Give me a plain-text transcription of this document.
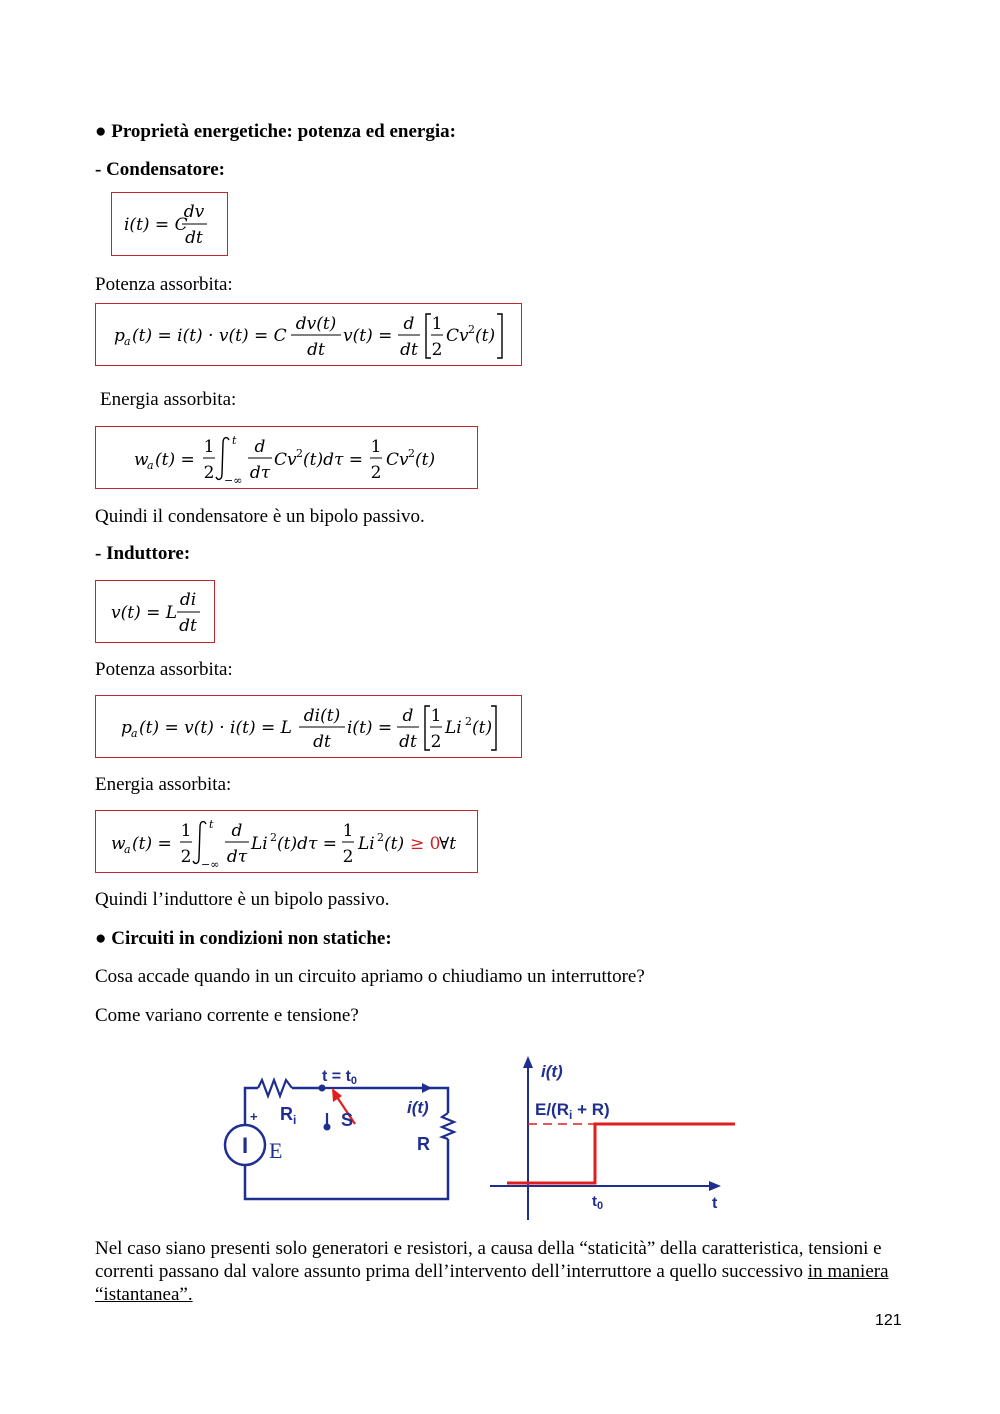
● Proprietà energetiche: potenza ed energia:
- Condensatore:
i(t) = C
dv
dt
Potenza assorbita:
p a (t) = i(t) · v(t) = C
dv(t)
dt
v(t) =
d
dt
1
2
Cv 2 (t)
Energia assorbita:
w
a (t) =
1
2
t
−∞
d
dτ
Cv 2 (t)dτ =
1
2
Cv 2 (t)
Quindi il condensatore è un bipolo passivo.
- Induttore:
v(t) = L
di
dt
Potenza assorbita:
p a (t) = v(t) · i(t) = L
di(t)
dt
i(t) =
d
dt
1
2
Li 2 (t)
Energia assorbita:
w
a (t) =
1
2
t
−∞
d
dτ
Li 2 (t)dτ =
1
2
Li 2 (t) ≥ 0
∀t
Quindi l’induttore è un bipolo passivo.
● Circuiti in condizioni non statiche:
Cosa accade quando in un circuito apriamo o chiudiamo un interruttore?
Come variano corrente e tensione?
I
+
E
t = t0
$R_i$ S
i(t)
R
i(t)
$E/(R_i + R)$
$t_0$	t
Nel caso siano presenti solo generatori e resistori, a causa della “staticità” della caratteristica, tensioni e correnti passano dal valore assunto prima dell’intervento dell’interruttore a quello successivo in maniera “istantanea”.
121
